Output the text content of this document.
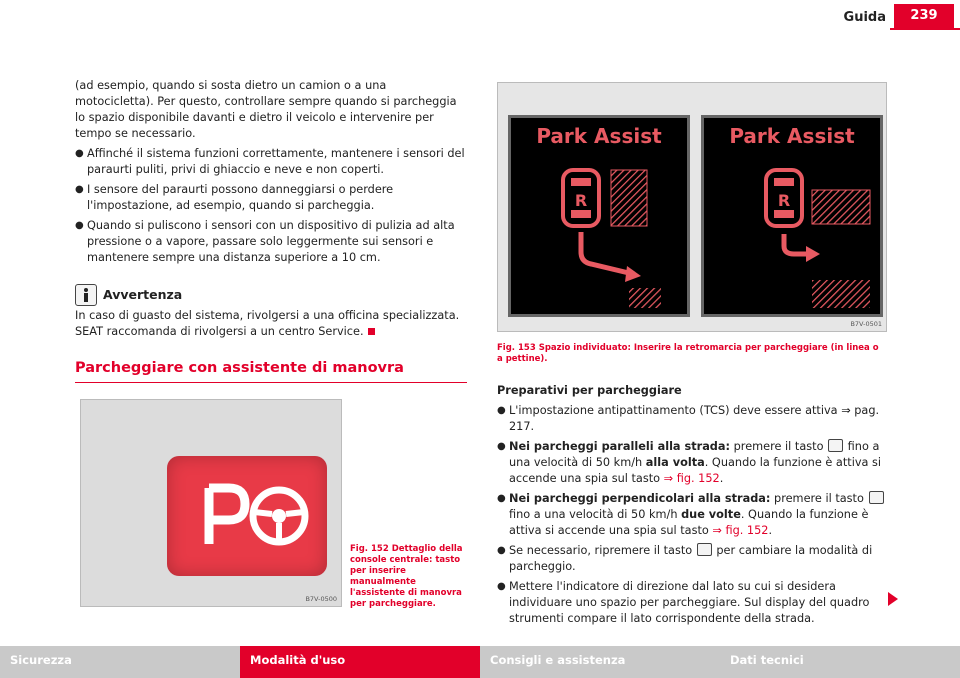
Guida	239

(ad esempio, quando si sosta dietro un camion o a una motocicletta). Per questo, controllare sempre quando si parcheggia lo spazio disponibile davanti e dietro il veicolo e intervenire per tempo se necessario.

● Affinché il sistema funzioni correttamente, mantenere i sensori del paraurti puliti, privi di ghiaccio e neve e non coperti.
● I sensore del paraurti possono danneggiarsi o perdere l'impostazione, ad esempio, quando si parcheggia.
● Quando si puliscono i sensori con un dispositivo di pulizia ad alta pressione o a vapore, passare solo leggermente sui sensori e mantenere sempre una distanza superiore a 10 cm.
Avvertenza

In caso di guasto del sistema, rivolgersi a una officina specializzata. SEAT raccomanda di rivolgersi a un centro Service.

Parcheggiare con assistente di manovra
B7V-0500
Fig. 152 Dettaglio della console centrale: tasto per inserire manualmente l'assistente di manovra per parcheggiare.
Park Assist
R
Park Assist
R
B7V-0501
Fig. 153 Spazio individuato: Inserire la retromarcia per parcheggiare (in linea o a pettine).
Preparativi per parcheggiare
● L'impostazione antipattinamento (TCS) deve essere attiva ⇒ pag. 217.
● Nei parcheggi paralleli alla strada: premere il tasto  fino a una velocità di 50 km/h alla volta. Quando la funzione è attiva si accende una spia sul tasto ⇒ fig. 152.
● Nei parcheggi perpendicolari alla strada: premere il tasto  fino a una velocità di 50 km/h due volte. Quando la funzione è attiva si accende una spia sul tasto ⇒ fig. 152.
● Se necessario, ripremere il tasto  per cambiare la modalità di parcheggio.
● Mettere l'indicatore di direzione dal lato su cui si desidera individuare uno spazio per parcheggiare. Sul display del quadro strumenti compare il lato corrispondente della strada.
Sicurezza	Modalità d'uso	Consigli e assistenza	Dati tecnici
